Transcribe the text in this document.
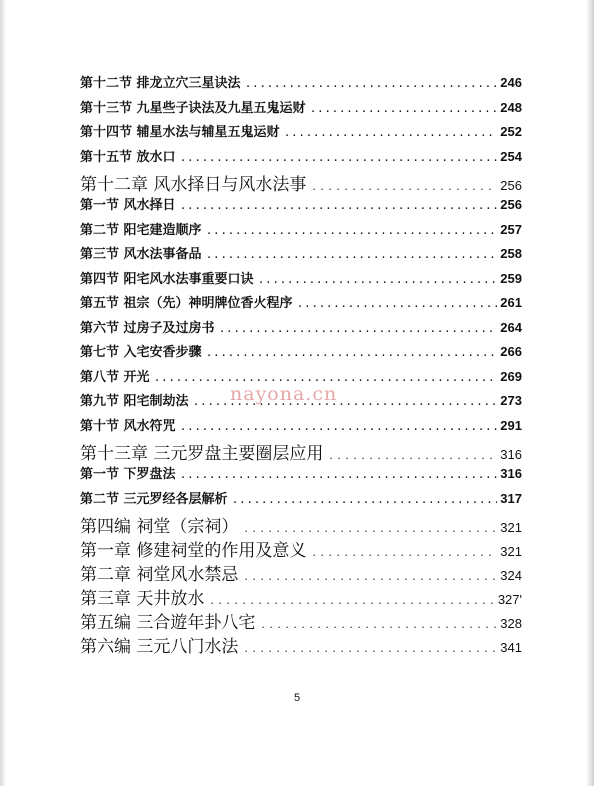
第十二节 排龙立穴三星诀法 . . .	246
第十三节 九星些子诀法及九星五鬼运财 . . .	248
第十四节 辅星水法与辅星五鬼运财 . . .	252
第十五节 放水口 . . .	254
第十二章 风水择日与风水法事 . . .	256
第一节 风水择日 . . .	256
第二节 阳宅建造顺序 . . .	257
第三节 风水法事备品 . . .	258
第四节 阳宅风水法事重要口诀 . . .	259
第五节 祖宗（先）神明牌位香火程序 . . .	261
第六节 过房子及过房书 . . .	264
第七节 入宅安香步骤 . . .	266
第八节 开光 . . .	269
第九节 阳宅制劫法 . . .	273
第十节 风水符咒 . . .	291
第十三章 三元罗盘主要圈层应用 . . .	316
第一节 下罗盘法 . . .	316
第二节 三元罗经各层解析 . . .	317
第四编 祠堂（宗祠） . . .	321
第一章 修建祠堂的作用及意义 . . .	321
第二章 祠堂风水禁忌 . . .	324
第三章 天井放水 . . .	327'
第五编 三合遊年卦八宅 . . .	328
第六编 三元八门水法 . . .	341
nayona.cn
5
